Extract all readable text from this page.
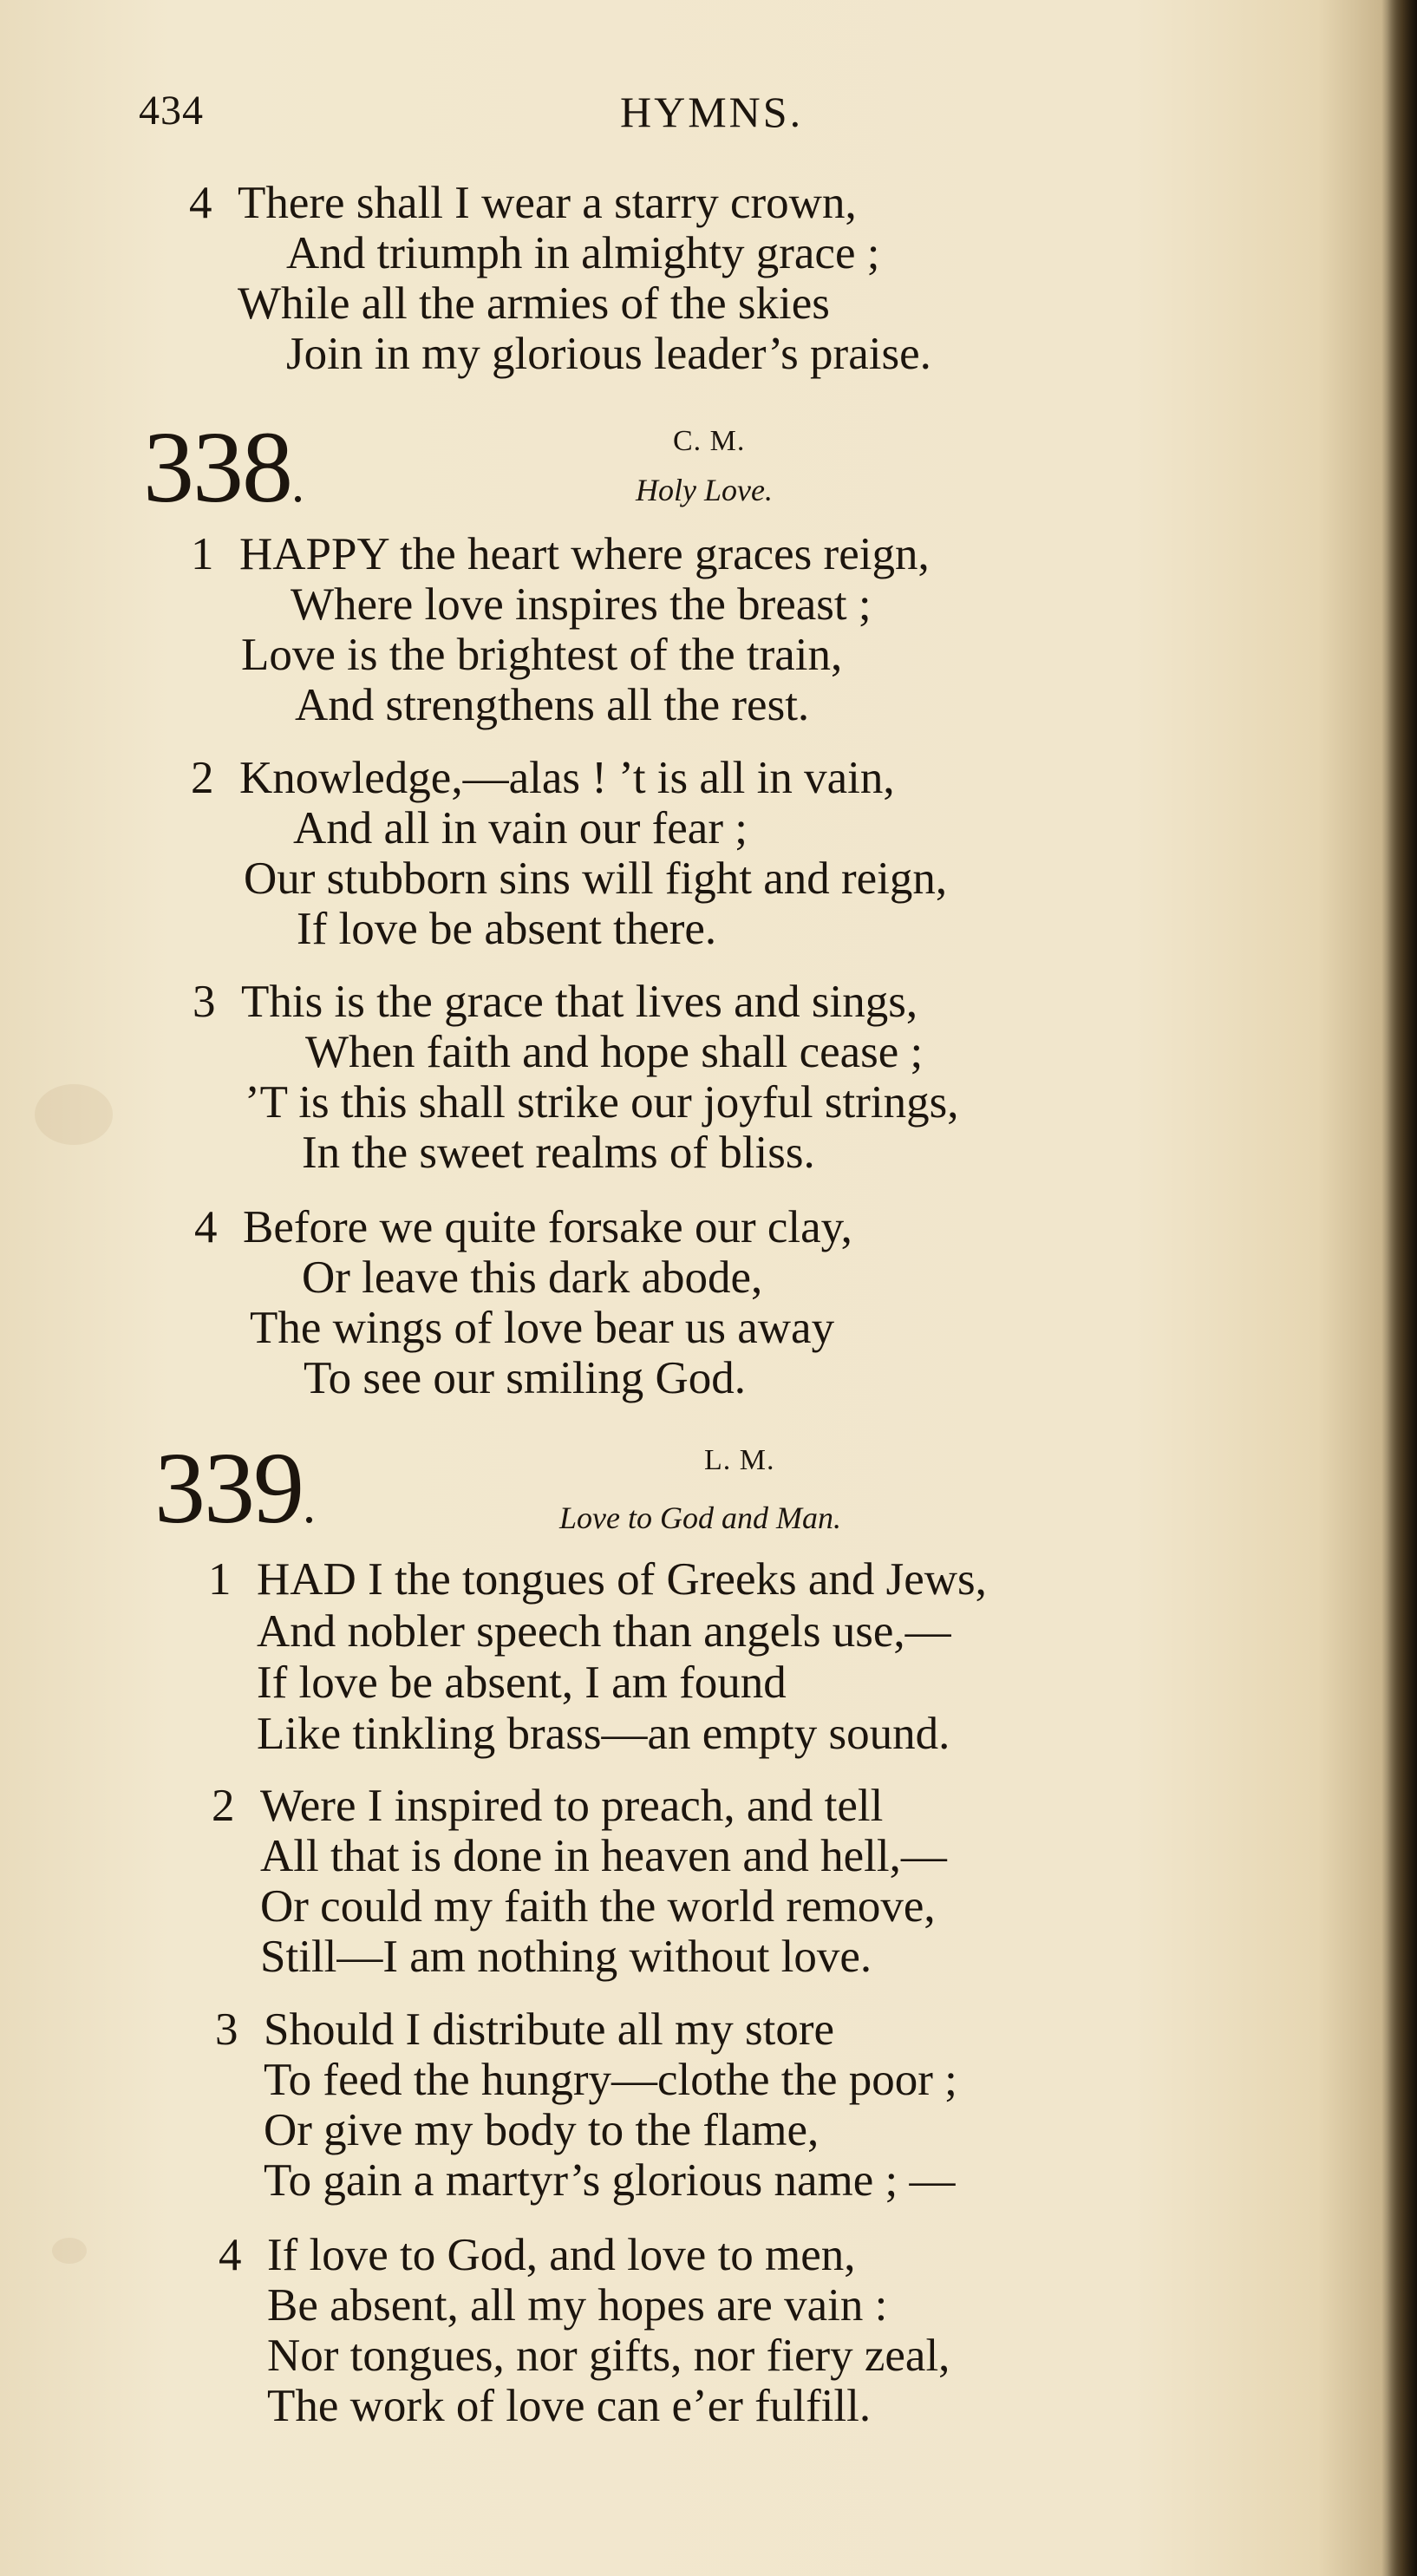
434	HYMNS.
4 There shall I wear a starry crown,
And triumph in almighty grace ;
While all the armies of the skies
Join in my glorious leader’s praise.
338.
C. M.
Holy Love.
1 HAPPY the heart where graces reign,
Where love inspires the breast ;
Love is the brightest of the train,
And strengthens all the rest.
2 Knowledge,—alas ! ’t is all in vain,
And all in vain our fear ;
Our stubborn sins will fight and reign,
If love be absent there.
3 This is the grace that lives and sings,
When faith and hope shall cease ;
’T is this shall strike our joyful strings,
In the sweet realms of bliss.
4 Before we quite forsake our clay,
Or leave this dark abode,
The wings of love bear us away
To see our smiling God.
339.
L. M.
Love to God and Man.
1 HAD I the tongues of Greeks and Jews,
And nobler speech than angels use,—
If love be absent, I am found
Like tinkling brass—an empty sound.
2 Were I inspired to preach, and tell
All that is done in heaven and hell,—
Or could my faith the world remove,
Still—I am nothing without love.
3 Should I distribute all my store
To feed the hungry—clothe the poor ;
Or give my body to the flame,
To gain a martyr’s glorious name ; —
4 If love to God, and love to men,
Be absent, all my hopes are vain :
Nor tongues, nor gifts, nor fiery zeal,
The work of love can e’er fulfill.
